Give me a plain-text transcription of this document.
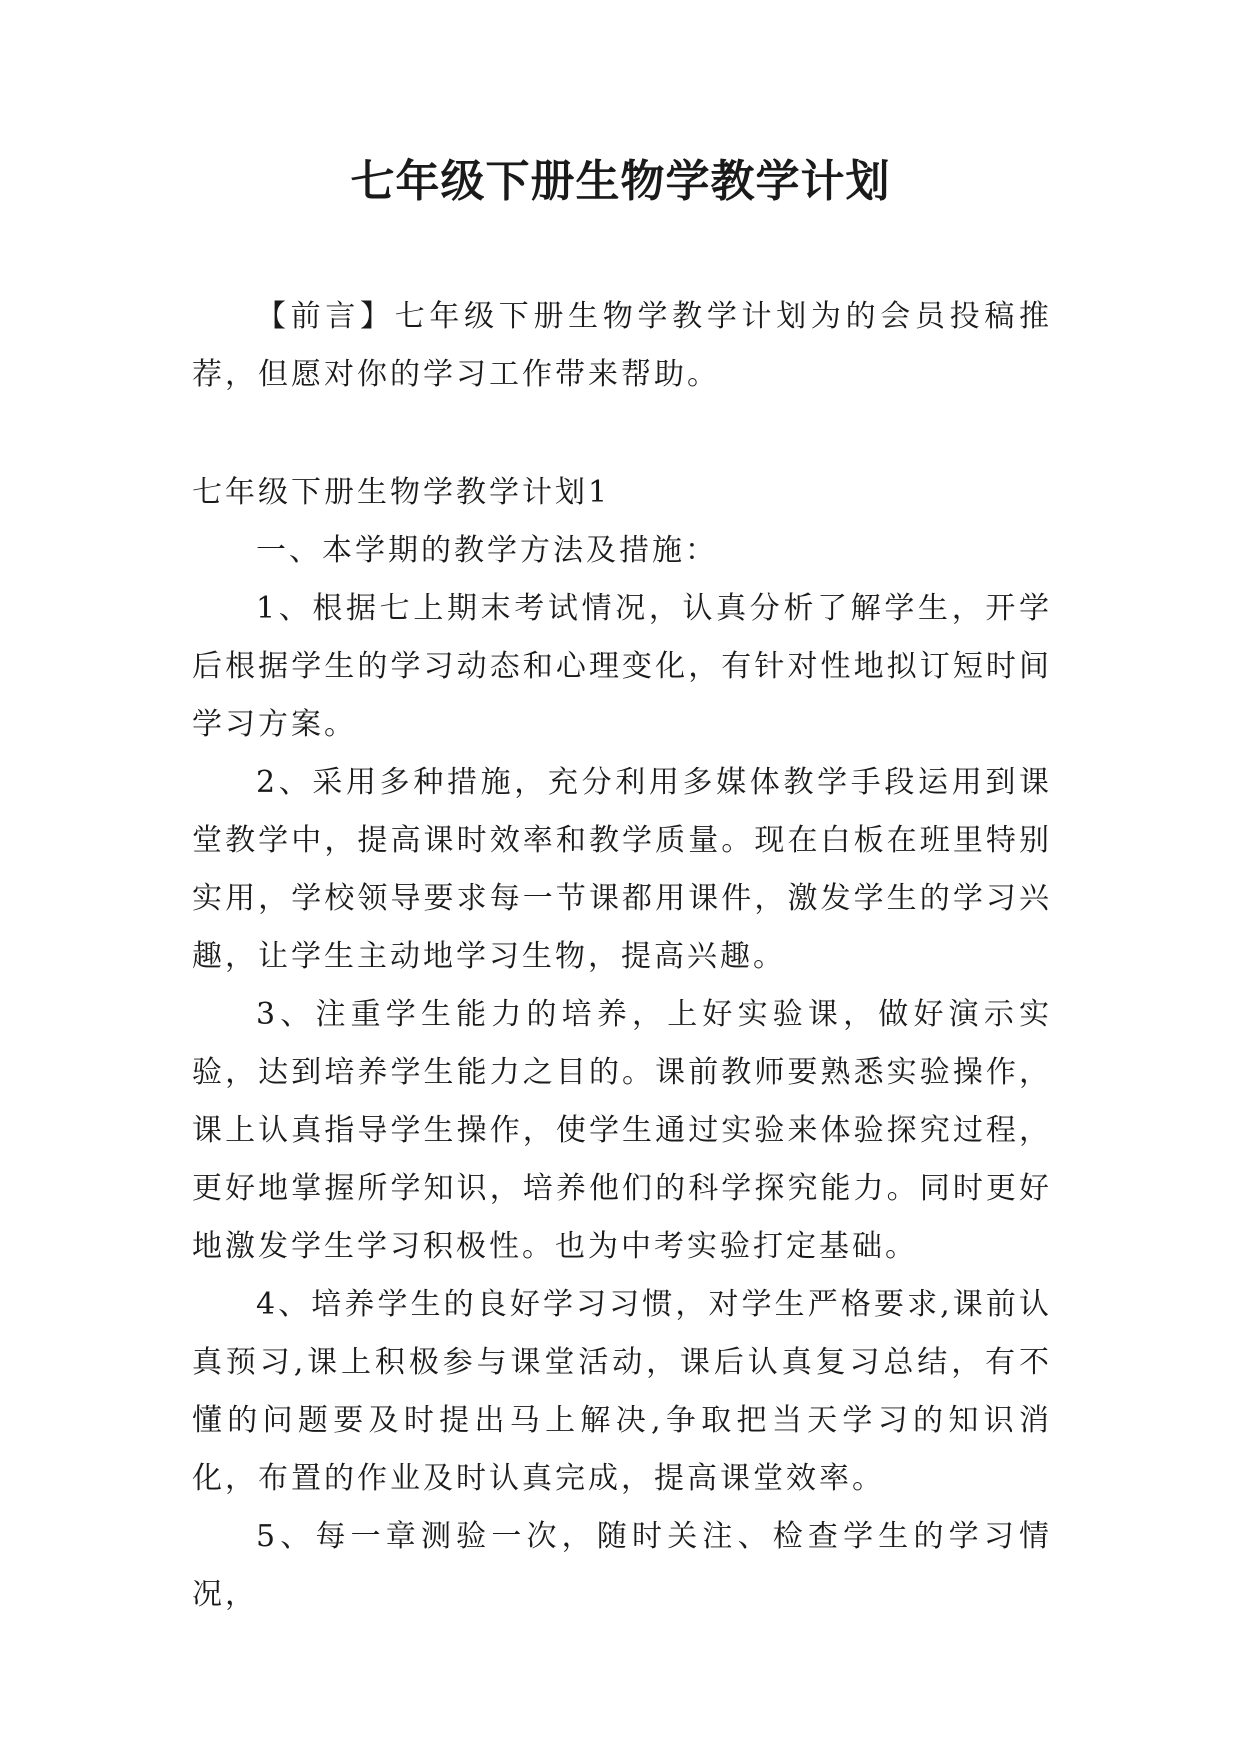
七年级下册生物学教学计划

【前言】七年级下册生物学教学计划为的会员投稿推荐，但愿对你的学习工作带来帮助。

七年级下册生物学教学计划1

一、本学期的教学方法及措施：

1、根据七上期末考试情况，认真分析了解学生，开学后根据学生的学习动态和心理变化，有针对性地拟订短时间学习方案。

2、采用多种措施，充分利用多媒体教学手段运用到课堂教学中，提高课时效率和教学质量。现在白板在班里特别实用，学校领导要求每一节课都用课件，激发学生的学习兴趣，让学生主动地学习生物，提高兴趣。

3、注重学生能力的培养，上好实验课，做好演示实验，达到培养学生能力之目的。课前教师要熟悉实验操作，课上认真指导学生操作，使学生通过实验来体验探究过程，更好地掌握所学知识，培养他们的科学探究能力。同时更好地激发学生学习积极性。也为中考实验打定基础。

4、培养学生的良好学习习惯，对学生严格要求,课前认真预习,课上积极参与课堂活动，课后认真复习总结，有不懂的问题要及时提出马上解决,争取把当天学习的知识消化，布置的作业及时认真完成，提高课堂效率。

5、每一章测验一次，随时关注、检查学生的学习情况，
